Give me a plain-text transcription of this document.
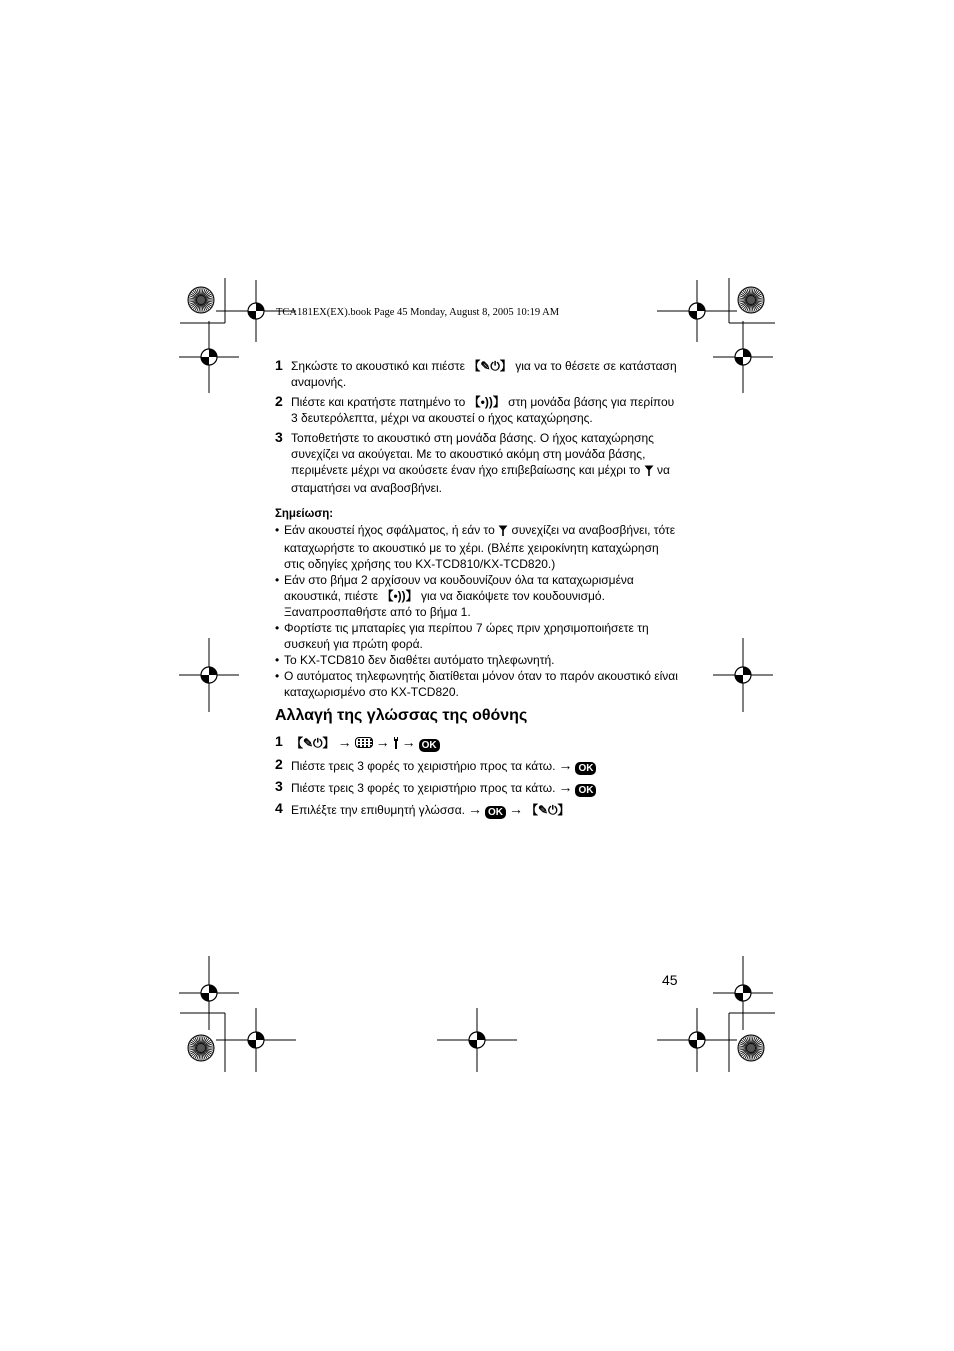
TCA181EX(EX).book Page 45 Monday, August 8, 2005 10:19 AM
1 Σηκώστε το ακουστικό και πιέστε 【✎⏻】 για να το θέσετε σε κατάσταση αναμονής.
2 Πιέστε και κρατήστε πατημένο το 【•))】 στη μονάδα βάσης για περίπου 3 δευτερόλεπτα, μέχρι να ακουστεί ο ήχος καταχώρησης.
3 Τοποθετήστε το ακουστικό στη μονάδα βάσης. Ο ήχος καταχώρησης συνεχίζει να ακούγεται. Με το ακουστικό ακόμη στη μονάδα βάσης, περιμένετε μέχρι να ακούσετε έναν ήχο επιβεβαίωσης και μέχρι το  να σταματήσει να αναβοσβήνει.
Σημείωση:
• Εάν ακουστεί ήχος σφάλματος, ή εάν το  συνεχίζει να αναβοσβήνει, τότε καταχωρήστε το ακουστικό με το χέρι. (Βλέπε χειροκίνητη καταχώρηση στις οδηγίες χρήσης του KX-TCD810/KX-TCD820.)
• Εάν στο βήμα 2 αρχίσουν να κουδουνίζουν όλα τα καταχωρισμένα ακουστικά, πιέστε 【•))】 για να διακόψετε τον κουδουνισμό. Ξαναπροσπαθήστε από το βήμα 1.
• Φορτίστε τις μπαταρίες για περίπου 7 ώρες πριν χρησιμοποιήσετε τη συσκευή για πρώτη φορά.
• Το KX-TCD810 δεν διαθέτει αυτόματο τηλεφωνητή.
• Ο αυτόματος τηλεφωνητής διατίθεται μόνον όταν το παρόν ακουστικό είναι καταχωρισμένο στο KX-TCD820.
Αλλαγή της γλώσσας της οθόνης
1 【✎⏻】 → → → OK
2 Πιέστε τρεις 3 φορές το χειριστήριο προς τα κάτω. → OK
3 Πιέστε τρεις 3 φορές το χειριστήριο προς τα κάτω. → OK
4 Επιλέξτε την επιθυμητή γλώσσα. → OK → 【✎⏻】
45
